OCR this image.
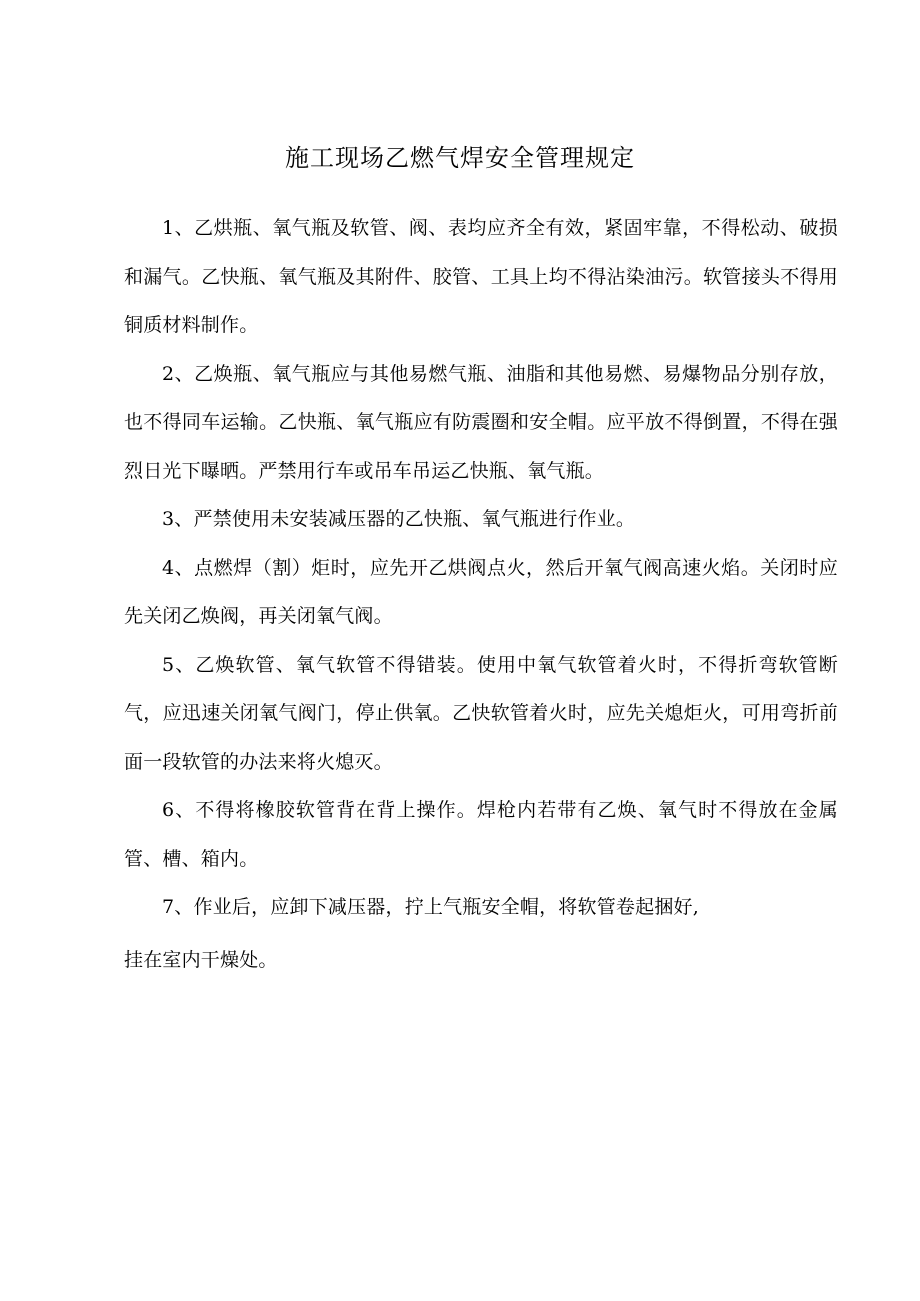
施工现场乙燃气焊安全管理规定

1、乙烘瓶、氧气瓶及软管、阀、表均应齐全有效，紧固牢靠，不得松动、破损和漏气。乙快瓶、氧气瓶及其附件、胶管、工具上均不得沾染油污。软管接头不得用铜质材料制作。

2、乙焕瓶、氧气瓶应与其他易燃气瓶、油脂和其他易燃、易爆物品分别存放，也不得同车运输。乙快瓶、氧气瓶应有防震圈和安全帽。应平放不得倒置，不得在强烈日光下曝晒。严禁用行车或吊车吊运乙快瓶、氧气瓶。

3、严禁使用未安装减压器的乙快瓶、氧气瓶进行作业。

4、点燃焊（割）炬时，应先开乙烘阀点火，然后开氧气阀高速火焰。关闭时应先关闭乙焕阀，再关闭氧气阀。

5、乙焕软管、氧气软管不得错装。使用中氧气软管着火时，不得折弯软管断气，应迅速关闭氧气阀门，停止供氧。乙快软管着火时，应先关熄炬火，可用弯折前面一段软管的办法来将火熄灭。

6、不得将橡胶软管背在背上操作。焊枪内若带有乙焕、氧气时不得放在金属管、槽、箱内。

7、作业后，应卸下减压器，拧上气瓶安全帽，将软管卷起捆好,

挂在室内干燥处。
